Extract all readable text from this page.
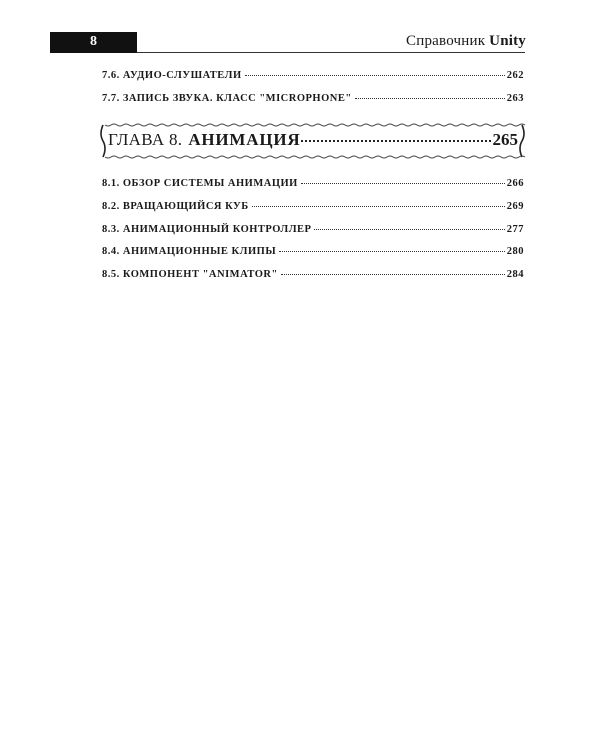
8	Справочник Unity
7.6. АУДИО-СЛУШАТЕЛИ	262
7.7. ЗАПИСЬ ЗВУКА. КЛАСС "MICROPHONE"	263
ГЛАВА 8. АНИМАЦИЯ	265
8.1. ОБЗОР СИСТЕМЫ АНИМАЦИИ	266
8.2. ВРАЩАЮЩИЙСЯ КУБ	269
8.3. АНИМАЦИОННЫЙ КОНТРОЛЛЕР	277
8.4. АНИМАЦИОННЫЕ КЛИПЫ	280
8.5. КОМПОНЕНТ "ANIMATOR"	284
